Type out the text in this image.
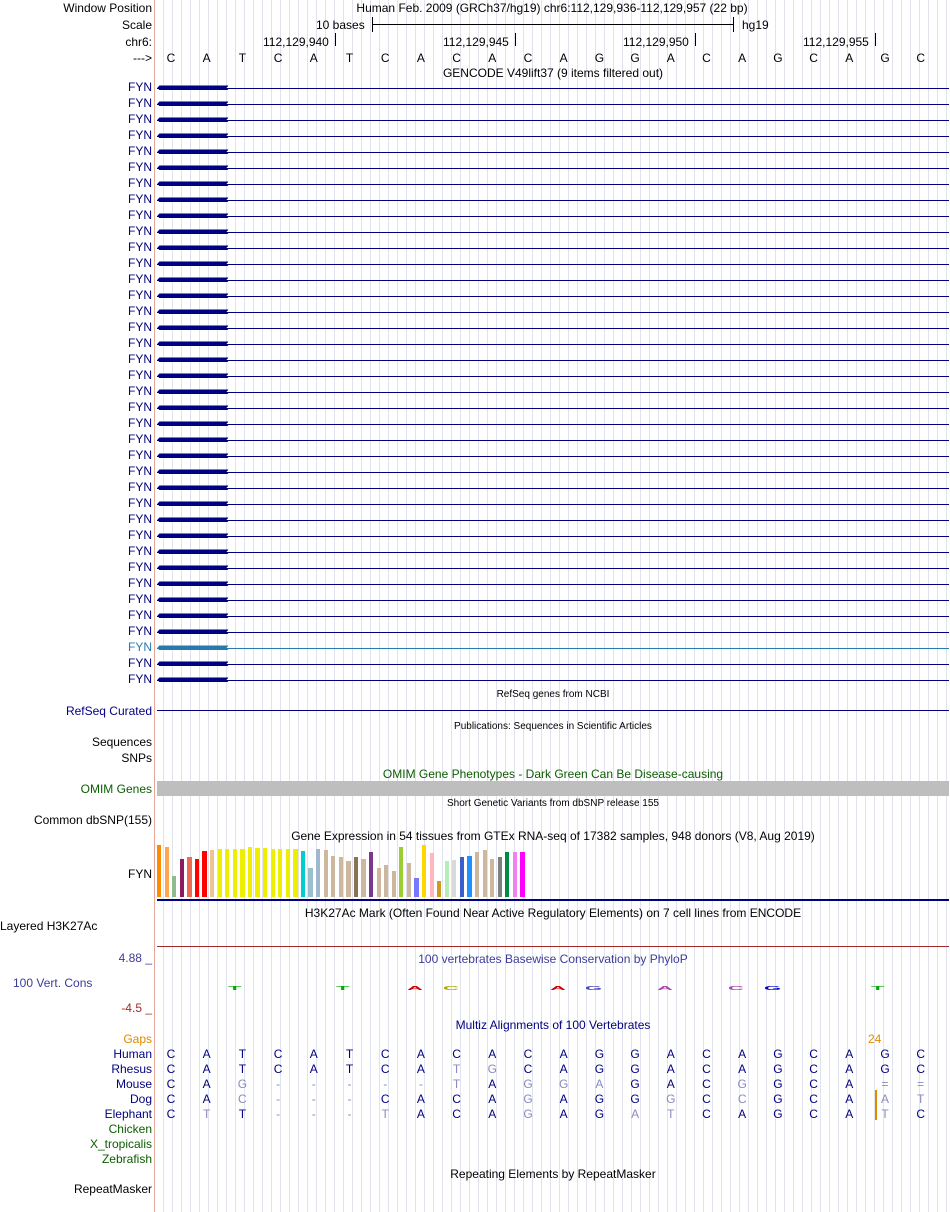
Window Position	Human Feb. 2009 (GRCh37/hg19) chr6:112,129,936-112,129,957 (22 bp)
Scale	10 bases	hg19
chr6:	112,129,940	112,129,945	112,129,950	112,129,955
--->	C	A	T	C	A	T	C	A	C	A	C	A	G	G	A	C	A	G	C	A	G	C
GENCODE V49lift37 (9 items filtered out)
FYN ‹‹‹‹‹‹‹‹‹‹‹‹‹‹‹‹‹‹‹‹‹‹‹‹‹‹‹‹‹‹‹‹‹‹‹‹‹‹‹‹‹‹‹‹‹‹‹‹‹‹‹‹‹‹‹‹‹‹‹‹‹‹‹‹‹‹‹‹‹‹‹‹‹‹‹‹‹‹‹‹‹‹‹‹‹‹‹‹‹‹‹‹‹‹‹‹‹‹‹‹‹‹‹‹‹‹‹‹‹‹‹‹‹‹‹‹‹‹‹‹‹‹‹‹‹‹‹‹‹‹‹‹‹‹‹‹‹‹‹‹‹‹‹‹‹‹‹‹‹‹‹‹‹‹‹‹‹‹‹‹‹‹‹‹‹‹‹‹‹‹‹‹‹‹‹‹‹‹‹‹‹‹‹‹‹‹‹‹‹‹‹‹‹‹‹‹‹‹‹‹‹‹‹‹‹‹‹‹‹‹‹‹‹‹‹‹‹‹‹‹‹‹‹‹‹‹‹‹‹‹‹‹‹‹‹‹‹‹‹‹‹‹‹‹‹‹‹‹‹‹‹‹‹‹‹‹‹‹‹‹
FYN ‹‹‹‹‹‹‹‹‹‹‹‹‹‹‹‹‹‹‹‹‹‹‹‹‹‹‹‹‹‹‹‹‹‹‹‹‹‹‹‹‹‹‹‹‹‹‹‹‹‹‹‹‹‹‹‹‹‹‹‹‹‹‹‹‹‹‹‹‹‹‹‹‹‹‹‹‹‹‹‹‹‹‹‹‹‹‹‹‹‹‹‹‹‹‹‹‹‹‹‹‹‹‹‹‹‹‹‹‹‹‹‹‹‹‹‹‹‹‹‹‹‹‹‹‹‹‹‹‹‹‹‹‹‹‹‹‹‹‹‹‹‹‹‹‹‹‹‹‹‹‹‹‹‹‹‹‹‹‹‹‹‹‹‹‹‹‹‹‹‹‹‹‹‹‹‹‹‹‹‹‹‹‹‹‹‹‹‹‹‹‹‹‹‹‹‹‹‹‹‹‹‹‹‹‹‹‹‹‹‹‹‹‹‹‹‹‹‹‹‹‹‹‹‹‹‹‹‹‹‹‹‹‹‹‹‹‹‹‹‹‹‹‹‹‹‹‹‹‹‹‹‹‹‹‹‹‹‹‹‹
FYN ‹‹‹‹‹‹‹‹‹‹‹‹‹‹‹‹‹‹‹‹‹‹‹‹‹‹‹‹‹‹‹‹‹‹‹‹‹‹‹‹‹‹‹‹‹‹‹‹‹‹‹‹‹‹‹‹‹‹‹‹‹‹‹‹‹‹‹‹‹‹‹‹‹‹‹‹‹‹‹‹‹‹‹‹‹‹‹‹‹‹‹‹‹‹‹‹‹‹‹‹‹‹‹‹‹‹‹‹‹‹‹‹‹‹‹‹‹‹‹‹‹‹‹‹‹‹‹‹‹‹‹‹‹‹‹‹‹‹‹‹‹‹‹‹‹‹‹‹‹‹‹‹‹‹‹‹‹‹‹‹‹‹‹‹‹‹‹‹‹‹‹‹‹‹‹‹‹‹‹‹‹‹‹‹‹‹‹‹‹‹‹‹‹‹‹‹‹‹‹‹‹‹‹‹‹‹‹‹‹‹‹‹‹‹‹‹‹‹‹‹‹‹‹‹‹‹‹‹‹‹‹‹‹‹‹‹‹‹‹‹‹‹‹‹‹‹‹‹‹‹‹‹‹‹‹‹‹‹‹‹
FYN ‹‹‹‹‹‹‹‹‹‹‹‹‹‹‹‹‹‹‹‹‹‹‹‹‹‹‹‹‹‹‹‹‹‹‹‹‹‹‹‹‹‹‹‹‹‹‹‹‹‹‹‹‹‹‹‹‹‹‹‹‹‹‹‹‹‹‹‹‹‹‹‹‹‹‹‹‹‹‹‹‹‹‹‹‹‹‹‹‹‹‹‹‹‹‹‹‹‹‹‹‹‹‹‹‹‹‹‹‹‹‹‹‹‹‹‹‹‹‹‹‹‹‹‹‹‹‹‹‹‹‹‹‹‹‹‹‹‹‹‹‹‹‹‹‹‹‹‹‹‹‹‹‹‹‹‹‹‹‹‹‹‹‹‹‹‹‹‹‹‹‹‹‹‹‹‹‹‹‹‹‹‹‹‹‹‹‹‹‹‹‹‹‹‹‹‹‹‹‹‹‹‹‹‹‹‹‹‹‹‹‹‹‹‹‹‹‹‹‹‹‹‹‹‹‹‹‹‹‹‹‹‹‹‹‹‹‹‹‹‹‹‹‹‹‹‹‹‹‹‹‹‹‹‹‹‹‹‹‹‹
FYN ‹‹‹‹‹‹‹‹‹‹‹‹‹‹‹‹‹‹‹‹‹‹‹‹‹‹‹‹‹‹‹‹‹‹‹‹‹‹‹‹‹‹‹‹‹‹‹‹‹‹‹‹‹‹‹‹‹‹‹‹‹‹‹‹‹‹‹‹‹‹‹‹‹‹‹‹‹‹‹‹‹‹‹‹‹‹‹‹‹‹‹‹‹‹‹‹‹‹‹‹‹‹‹‹‹‹‹‹‹‹‹‹‹‹‹‹‹‹‹‹‹‹‹‹‹‹‹‹‹‹‹‹‹‹‹‹‹‹‹‹‹‹‹‹‹‹‹‹‹‹‹‹‹‹‹‹‹‹‹‹‹‹‹‹‹‹‹‹‹‹‹‹‹‹‹‹‹‹‹‹‹‹‹‹‹‹‹‹‹‹‹‹‹‹‹‹‹‹‹‹‹‹‹‹‹‹‹‹‹‹‹‹‹‹‹‹‹‹‹‹‹‹‹‹‹‹‹‹‹‹‹‹‹‹‹‹‹‹‹‹‹‹‹‹‹‹‹‹‹‹‹‹‹‹‹‹‹‹‹‹
FYN ‹‹‹‹‹‹‹‹‹‹‹‹‹‹‹‹‹‹‹‹‹‹‹‹‹‹‹‹‹‹‹‹‹‹‹‹‹‹‹‹‹‹‹‹‹‹‹‹‹‹‹‹‹‹‹‹‹‹‹‹‹‹‹‹‹‹‹‹‹‹‹‹‹‹‹‹‹‹‹‹‹‹‹‹‹‹‹‹‹‹‹‹‹‹‹‹‹‹‹‹‹‹‹‹‹‹‹‹‹‹‹‹‹‹‹‹‹‹‹‹‹‹‹‹‹‹‹‹‹‹‹‹‹‹‹‹‹‹‹‹‹‹‹‹‹‹‹‹‹‹‹‹‹‹‹‹‹‹‹‹‹‹‹‹‹‹‹‹‹‹‹‹‹‹‹‹‹‹‹‹‹‹‹‹‹‹‹‹‹‹‹‹‹‹‹‹‹‹‹‹‹‹‹‹‹‹‹‹‹‹‹‹‹‹‹‹‹‹‹‹‹‹‹‹‹‹‹‹‹‹‹‹‹‹‹‹‹‹‹‹‹‹‹‹‹‹‹‹‹‹‹‹‹‹‹‹‹‹‹‹
FYN ‹‹‹‹‹‹‹‹‹‹‹‹‹‹‹‹‹‹‹‹‹‹‹‹‹‹‹‹‹‹‹‹‹‹‹‹‹‹‹‹‹‹‹‹‹‹‹‹‹‹‹‹‹‹‹‹‹‹‹‹‹‹‹‹‹‹‹‹‹‹‹‹‹‹‹‹‹‹‹‹‹‹‹‹‹‹‹‹‹‹‹‹‹‹‹‹‹‹‹‹‹‹‹‹‹‹‹‹‹‹‹‹‹‹‹‹‹‹‹‹‹‹‹‹‹‹‹‹‹‹‹‹‹‹‹‹‹‹‹‹‹‹‹‹‹‹‹‹‹‹‹‹‹‹‹‹‹‹‹‹‹‹‹‹‹‹‹‹‹‹‹‹‹‹‹‹‹‹‹‹‹‹‹‹‹‹‹‹‹‹‹‹‹‹‹‹‹‹‹‹‹‹‹‹‹‹‹‹‹‹‹‹‹‹‹‹‹‹‹‹‹‹‹‹‹‹‹‹‹‹‹‹‹‹‹‹‹‹‹‹‹‹‹‹‹‹‹‹‹‹‹‹‹‹‹‹‹‹‹‹
FYN ‹‹‹‹‹‹‹‹‹‹‹‹‹‹‹‹‹‹‹‹‹‹‹‹‹‹‹‹‹‹‹‹‹‹‹‹‹‹‹‹‹‹‹‹‹‹‹‹‹‹‹‹‹‹‹‹‹‹‹‹‹‹‹‹‹‹‹‹‹‹‹‹‹‹‹‹‹‹‹‹‹‹‹‹‹‹‹‹‹‹‹‹‹‹‹‹‹‹‹‹‹‹‹‹‹‹‹‹‹‹‹‹‹‹‹‹‹‹‹‹‹‹‹‹‹‹‹‹‹‹‹‹‹‹‹‹‹‹‹‹‹‹‹‹‹‹‹‹‹‹‹‹‹‹‹‹‹‹‹‹‹‹‹‹‹‹‹‹‹‹‹‹‹‹‹‹‹‹‹‹‹‹‹‹‹‹‹‹‹‹‹‹‹‹‹‹‹‹‹‹‹‹‹‹‹‹‹‹‹‹‹‹‹‹‹‹‹‹‹‹‹‹‹‹‹‹‹‹‹‹‹‹‹‹‹‹‹‹‹‹‹‹‹‹‹‹‹‹‹‹‹‹‹‹‹‹‹‹‹‹
FYN ‹‹‹‹‹‹‹‹‹‹‹‹‹‹‹‹‹‹‹‹‹‹‹‹‹‹‹‹‹‹‹‹‹‹‹‹‹‹‹‹‹‹‹‹‹‹‹‹‹‹‹‹‹‹‹‹‹‹‹‹‹‹‹‹‹‹‹‹‹‹‹‹‹‹‹‹‹‹‹‹‹‹‹‹‹‹‹‹‹‹‹‹‹‹‹‹‹‹‹‹‹‹‹‹‹‹‹‹‹‹‹‹‹‹‹‹‹‹‹‹‹‹‹‹‹‹‹‹‹‹‹‹‹‹‹‹‹‹‹‹‹‹‹‹‹‹‹‹‹‹‹‹‹‹‹‹‹‹‹‹‹‹‹‹‹‹‹‹‹‹‹‹‹‹‹‹‹‹‹‹‹‹‹‹‹‹‹‹‹‹‹‹‹‹‹‹‹‹‹‹‹‹‹‹‹‹‹‹‹‹‹‹‹‹‹‹‹‹‹‹‹‹‹‹‹‹‹‹‹‹‹‹‹‹‹‹‹‹‹‹‹‹‹‹‹‹‹‹‹‹‹‹‹‹‹‹‹‹‹‹
FYN ‹‹‹‹‹‹‹‹‹‹‹‹‹‹‹‹‹‹‹‹‹‹‹‹‹‹‹‹‹‹‹‹‹‹‹‹‹‹‹‹‹‹‹‹‹‹‹‹‹‹‹‹‹‹‹‹‹‹‹‹‹‹‹‹‹‹‹‹‹‹‹‹‹‹‹‹‹‹‹‹‹‹‹‹‹‹‹‹‹‹‹‹‹‹‹‹‹‹‹‹‹‹‹‹‹‹‹‹‹‹‹‹‹‹‹‹‹‹‹‹‹‹‹‹‹‹‹‹‹‹‹‹‹‹‹‹‹‹‹‹‹‹‹‹‹‹‹‹‹‹‹‹‹‹‹‹‹‹‹‹‹‹‹‹‹‹‹‹‹‹‹‹‹‹‹‹‹‹‹‹‹‹‹‹‹‹‹‹‹‹‹‹‹‹‹‹‹‹‹‹‹‹‹‹‹‹‹‹‹‹‹‹‹‹‹‹‹‹‹‹‹‹‹‹‹‹‹‹‹‹‹‹‹‹‹‹‹‹‹‹‹‹‹‹‹‹‹‹‹‹‹‹‹‹‹‹‹‹‹‹
FYN ‹‹‹‹‹‹‹‹‹‹‹‹‹‹‹‹‹‹‹‹‹‹‹‹‹‹‹‹‹‹‹‹‹‹‹‹‹‹‹‹‹‹‹‹‹‹‹‹‹‹‹‹‹‹‹‹‹‹‹‹‹‹‹‹‹‹‹‹‹‹‹‹‹‹‹‹‹‹‹‹‹‹‹‹‹‹‹‹‹‹‹‹‹‹‹‹‹‹‹‹‹‹‹‹‹‹‹‹‹‹‹‹‹‹‹‹‹‹‹‹‹‹‹‹‹‹‹‹‹‹‹‹‹‹‹‹‹‹‹‹‹‹‹‹‹‹‹‹‹‹‹‹‹‹‹‹‹‹‹‹‹‹‹‹‹‹‹‹‹‹‹‹‹‹‹‹‹‹‹‹‹‹‹‹‹‹‹‹‹‹‹‹‹‹‹‹‹‹‹‹‹‹‹‹‹‹‹‹‹‹‹‹‹‹‹‹‹‹‹‹‹‹‹‹‹‹‹‹‹‹‹‹‹‹‹‹‹‹‹‹‹‹‹‹‹‹‹‹‹‹‹‹‹‹‹‹‹‹‹‹
FYN ‹‹‹‹‹‹‹‹‹‹‹‹‹‹‹‹‹‹‹‹‹‹‹‹‹‹‹‹‹‹‹‹‹‹‹‹‹‹‹‹‹‹‹‹‹‹‹‹‹‹‹‹‹‹‹‹‹‹‹‹‹‹‹‹‹‹‹‹‹‹‹‹‹‹‹‹‹‹‹‹‹‹‹‹‹‹‹‹‹‹‹‹‹‹‹‹‹‹‹‹‹‹‹‹‹‹‹‹‹‹‹‹‹‹‹‹‹‹‹‹‹‹‹‹‹‹‹‹‹‹‹‹‹‹‹‹‹‹‹‹‹‹‹‹‹‹‹‹‹‹‹‹‹‹‹‹‹‹‹‹‹‹‹‹‹‹‹‹‹‹‹‹‹‹‹‹‹‹‹‹‹‹‹‹‹‹‹‹‹‹‹‹‹‹‹‹‹‹‹‹‹‹‹‹‹‹‹‹‹‹‹‹‹‹‹‹‹‹‹‹‹‹‹‹‹‹‹‹‹‹‹‹‹‹‹‹‹‹‹‹‹‹‹‹‹‹‹‹‹‹‹‹‹‹‹‹‹‹‹‹
FYN ‹‹‹‹‹‹‹‹‹‹‹‹‹‹‹‹‹‹‹‹‹‹‹‹‹‹‹‹‹‹‹‹‹‹‹‹‹‹‹‹‹‹‹‹‹‹‹‹‹‹‹‹‹‹‹‹‹‹‹‹‹‹‹‹‹‹‹‹‹‹‹‹‹‹‹‹‹‹‹‹‹‹‹‹‹‹‹‹‹‹‹‹‹‹‹‹‹‹‹‹‹‹‹‹‹‹‹‹‹‹‹‹‹‹‹‹‹‹‹‹‹‹‹‹‹‹‹‹‹‹‹‹‹‹‹‹‹‹‹‹‹‹‹‹‹‹‹‹‹‹‹‹‹‹‹‹‹‹‹‹‹‹‹‹‹‹‹‹‹‹‹‹‹‹‹‹‹‹‹‹‹‹‹‹‹‹‹‹‹‹‹‹‹‹‹‹‹‹‹‹‹‹‹‹‹‹‹‹‹‹‹‹‹‹‹‹‹‹‹‹‹‹‹‹‹‹‹‹‹‹‹‹‹‹‹‹‹‹‹‹‹‹‹‹‹‹‹‹‹‹‹‹‹‹‹‹‹‹‹‹
FYN ‹‹‹‹‹‹‹‹‹‹‹‹‹‹‹‹‹‹‹‹‹‹‹‹‹‹‹‹‹‹‹‹‹‹‹‹‹‹‹‹‹‹‹‹‹‹‹‹‹‹‹‹‹‹‹‹‹‹‹‹‹‹‹‹‹‹‹‹‹‹‹‹‹‹‹‹‹‹‹‹‹‹‹‹‹‹‹‹‹‹‹‹‹‹‹‹‹‹‹‹‹‹‹‹‹‹‹‹‹‹‹‹‹‹‹‹‹‹‹‹‹‹‹‹‹‹‹‹‹‹‹‹‹‹‹‹‹‹‹‹‹‹‹‹‹‹‹‹‹‹‹‹‹‹‹‹‹‹‹‹‹‹‹‹‹‹‹‹‹‹‹‹‹‹‹‹‹‹‹‹‹‹‹‹‹‹‹‹‹‹‹‹‹‹‹‹‹‹‹‹‹‹‹‹‹‹‹‹‹‹‹‹‹‹‹‹‹‹‹‹‹‹‹‹‹‹‹‹‹‹‹‹‹‹‹‹‹‹‹‹‹‹‹‹‹‹‹‹‹‹‹‹‹‹‹‹‹‹‹‹
FYN ‹‹‹‹‹‹‹‹‹‹‹‹‹‹‹‹‹‹‹‹‹‹‹‹‹‹‹‹‹‹‹‹‹‹‹‹‹‹‹‹‹‹‹‹‹‹‹‹‹‹‹‹‹‹‹‹‹‹‹‹‹‹‹‹‹‹‹‹‹‹‹‹‹‹‹‹‹‹‹‹‹‹‹‹‹‹‹‹‹‹‹‹‹‹‹‹‹‹‹‹‹‹‹‹‹‹‹‹‹‹‹‹‹‹‹‹‹‹‹‹‹‹‹‹‹‹‹‹‹‹‹‹‹‹‹‹‹‹‹‹‹‹‹‹‹‹‹‹‹‹‹‹‹‹‹‹‹‹‹‹‹‹‹‹‹‹‹‹‹‹‹‹‹‹‹‹‹‹‹‹‹‹‹‹‹‹‹‹‹‹‹‹‹‹‹‹‹‹‹‹‹‹‹‹‹‹‹‹‹‹‹‹‹‹‹‹‹‹‹‹‹‹‹‹‹‹‹‹‹‹‹‹‹‹‹‹‹‹‹‹‹‹‹‹‹‹‹‹‹‹‹‹‹‹‹‹‹‹‹‹
FYN ‹‹‹‹‹‹‹‹‹‹‹‹‹‹‹‹‹‹‹‹‹‹‹‹‹‹‹‹‹‹‹‹‹‹‹‹‹‹‹‹‹‹‹‹‹‹‹‹‹‹‹‹‹‹‹‹‹‹‹‹‹‹‹‹‹‹‹‹‹‹‹‹‹‹‹‹‹‹‹‹‹‹‹‹‹‹‹‹‹‹‹‹‹‹‹‹‹‹‹‹‹‹‹‹‹‹‹‹‹‹‹‹‹‹‹‹‹‹‹‹‹‹‹‹‹‹‹‹‹‹‹‹‹‹‹‹‹‹‹‹‹‹‹‹‹‹‹‹‹‹‹‹‹‹‹‹‹‹‹‹‹‹‹‹‹‹‹‹‹‹‹‹‹‹‹‹‹‹‹‹‹‹‹‹‹‹‹‹‹‹‹‹‹‹‹‹‹‹‹‹‹‹‹‹‹‹‹‹‹‹‹‹‹‹‹‹‹‹‹‹‹‹‹‹‹‹‹‹‹‹‹‹‹‹‹‹‹‹‹‹‹‹‹‹‹‹‹‹‹‹‹‹‹‹‹‹‹‹‹‹
FYN ‹‹‹‹‹‹‹‹‹‹‹‹‹‹‹‹‹‹‹‹‹‹‹‹‹‹‹‹‹‹‹‹‹‹‹‹‹‹‹‹‹‹‹‹‹‹‹‹‹‹‹‹‹‹‹‹‹‹‹‹‹‹‹‹‹‹‹‹‹‹‹‹‹‹‹‹‹‹‹‹‹‹‹‹‹‹‹‹‹‹‹‹‹‹‹‹‹‹‹‹‹‹‹‹‹‹‹‹‹‹‹‹‹‹‹‹‹‹‹‹‹‹‹‹‹‹‹‹‹‹‹‹‹‹‹‹‹‹‹‹‹‹‹‹‹‹‹‹‹‹‹‹‹‹‹‹‹‹‹‹‹‹‹‹‹‹‹‹‹‹‹‹‹‹‹‹‹‹‹‹‹‹‹‹‹‹‹‹‹‹‹‹‹‹‹‹‹‹‹‹‹‹‹‹‹‹‹‹‹‹‹‹‹‹‹‹‹‹‹‹‹‹‹‹‹‹‹‹‹‹‹‹‹‹‹‹‹‹‹‹‹‹‹‹‹‹‹‹‹‹‹‹‹‹‹‹‹‹‹‹
FYN ‹‹‹‹‹‹‹‹‹‹‹‹‹‹‹‹‹‹‹‹‹‹‹‹‹‹‹‹‹‹‹‹‹‹‹‹‹‹‹‹‹‹‹‹‹‹‹‹‹‹‹‹‹‹‹‹‹‹‹‹‹‹‹‹‹‹‹‹‹‹‹‹‹‹‹‹‹‹‹‹‹‹‹‹‹‹‹‹‹‹‹‹‹‹‹‹‹‹‹‹‹‹‹‹‹‹‹‹‹‹‹‹‹‹‹‹‹‹‹‹‹‹‹‹‹‹‹‹‹‹‹‹‹‹‹‹‹‹‹‹‹‹‹‹‹‹‹‹‹‹‹‹‹‹‹‹‹‹‹‹‹‹‹‹‹‹‹‹‹‹‹‹‹‹‹‹‹‹‹‹‹‹‹‹‹‹‹‹‹‹‹‹‹‹‹‹‹‹‹‹‹‹‹‹‹‹‹‹‹‹‹‹‹‹‹‹‹‹‹‹‹‹‹‹‹‹‹‹‹‹‹‹‹‹‹‹‹‹‹‹‹‹‹‹‹‹‹‹‹‹‹‹‹‹‹‹‹‹‹‹
FYN ‹‹‹‹‹‹‹‹‹‹‹‹‹‹‹‹‹‹‹‹‹‹‹‹‹‹‹‹‹‹‹‹‹‹‹‹‹‹‹‹‹‹‹‹‹‹‹‹‹‹‹‹‹‹‹‹‹‹‹‹‹‹‹‹‹‹‹‹‹‹‹‹‹‹‹‹‹‹‹‹‹‹‹‹‹‹‹‹‹‹‹‹‹‹‹‹‹‹‹‹‹‹‹‹‹‹‹‹‹‹‹‹‹‹‹‹‹‹‹‹‹‹‹‹‹‹‹‹‹‹‹‹‹‹‹‹‹‹‹‹‹‹‹‹‹‹‹‹‹‹‹‹‹‹‹‹‹‹‹‹‹‹‹‹‹‹‹‹‹‹‹‹‹‹‹‹‹‹‹‹‹‹‹‹‹‹‹‹‹‹‹‹‹‹‹‹‹‹‹‹‹‹‹‹‹‹‹‹‹‹‹‹‹‹‹‹‹‹‹‹‹‹‹‹‹‹‹‹‹‹‹‹‹‹‹‹‹‹‹‹‹‹‹‹‹‹‹‹‹‹‹‹‹‹‹‹‹‹‹‹
FYN ‹‹‹‹‹‹‹‹‹‹‹‹‹‹‹‹‹‹‹‹‹‹‹‹‹‹‹‹‹‹‹‹‹‹‹‹‹‹‹‹‹‹‹‹‹‹‹‹‹‹‹‹‹‹‹‹‹‹‹‹‹‹‹‹‹‹‹‹‹‹‹‹‹‹‹‹‹‹‹‹‹‹‹‹‹‹‹‹‹‹‹‹‹‹‹‹‹‹‹‹‹‹‹‹‹‹‹‹‹‹‹‹‹‹‹‹‹‹‹‹‹‹‹‹‹‹‹‹‹‹‹‹‹‹‹‹‹‹‹‹‹‹‹‹‹‹‹‹‹‹‹‹‹‹‹‹‹‹‹‹‹‹‹‹‹‹‹‹‹‹‹‹‹‹‹‹‹‹‹‹‹‹‹‹‹‹‹‹‹‹‹‹‹‹‹‹‹‹‹‹‹‹‹‹‹‹‹‹‹‹‹‹‹‹‹‹‹‹‹‹‹‹‹‹‹‹‹‹‹‹‹‹‹‹‹‹‹‹‹‹‹‹‹‹‹‹‹‹‹‹‹‹‹‹‹‹‹‹‹‹
FYN ‹‹‹‹‹‹‹‹‹‹‹‹‹‹‹‹‹‹‹‹‹‹‹‹‹‹‹‹‹‹‹‹‹‹‹‹‹‹‹‹‹‹‹‹‹‹‹‹‹‹‹‹‹‹‹‹‹‹‹‹‹‹‹‹‹‹‹‹‹‹‹‹‹‹‹‹‹‹‹‹‹‹‹‹‹‹‹‹‹‹‹‹‹‹‹‹‹‹‹‹‹‹‹‹‹‹‹‹‹‹‹‹‹‹‹‹‹‹‹‹‹‹‹‹‹‹‹‹‹‹‹‹‹‹‹‹‹‹‹‹‹‹‹‹‹‹‹‹‹‹‹‹‹‹‹‹‹‹‹‹‹‹‹‹‹‹‹‹‹‹‹‹‹‹‹‹‹‹‹‹‹‹‹‹‹‹‹‹‹‹‹‹‹‹‹‹‹‹‹‹‹‹‹‹‹‹‹‹‹‹‹‹‹‹‹‹‹‹‹‹‹‹‹‹‹‹‹‹‹‹‹‹‹‹‹‹‹‹‹‹‹‹‹‹‹‹‹‹‹‹‹‹‹‹‹‹‹‹‹‹
FYN ‹‹‹‹‹‹‹‹‹‹‹‹‹‹‹‹‹‹‹‹‹‹‹‹‹‹‹‹‹‹‹‹‹‹‹‹‹‹‹‹‹‹‹‹‹‹‹‹‹‹‹‹‹‹‹‹‹‹‹‹‹‹‹‹‹‹‹‹‹‹‹‹‹‹‹‹‹‹‹‹‹‹‹‹‹‹‹‹‹‹‹‹‹‹‹‹‹‹‹‹‹‹‹‹‹‹‹‹‹‹‹‹‹‹‹‹‹‹‹‹‹‹‹‹‹‹‹‹‹‹‹‹‹‹‹‹‹‹‹‹‹‹‹‹‹‹‹‹‹‹‹‹‹‹‹‹‹‹‹‹‹‹‹‹‹‹‹‹‹‹‹‹‹‹‹‹‹‹‹‹‹‹‹‹‹‹‹‹‹‹‹‹‹‹‹‹‹‹‹‹‹‹‹‹‹‹‹‹‹‹‹‹‹‹‹‹‹‹‹‹‹‹‹‹‹‹‹‹‹‹‹‹‹‹‹‹‹‹‹‹‹‹‹‹‹‹‹‹‹‹‹‹‹‹‹‹‹‹‹‹
FYN ‹‹‹‹‹‹‹‹‹‹‹‹‹‹‹‹‹‹‹‹‹‹‹‹‹‹‹‹‹‹‹‹‹‹‹‹‹‹‹‹‹‹‹‹‹‹‹‹‹‹‹‹‹‹‹‹‹‹‹‹‹‹‹‹‹‹‹‹‹‹‹‹‹‹‹‹‹‹‹‹‹‹‹‹‹‹‹‹‹‹‹‹‹‹‹‹‹‹‹‹‹‹‹‹‹‹‹‹‹‹‹‹‹‹‹‹‹‹‹‹‹‹‹‹‹‹‹‹‹‹‹‹‹‹‹‹‹‹‹‹‹‹‹‹‹‹‹‹‹‹‹‹‹‹‹‹‹‹‹‹‹‹‹‹‹‹‹‹‹‹‹‹‹‹‹‹‹‹‹‹‹‹‹‹‹‹‹‹‹‹‹‹‹‹‹‹‹‹‹‹‹‹‹‹‹‹‹‹‹‹‹‹‹‹‹‹‹‹‹‹‹‹‹‹‹‹‹‹‹‹‹‹‹‹‹‹‹‹‹‹‹‹‹‹‹‹‹‹‹‹‹‹‹‹‹‹‹‹‹‹
FYN ‹‹‹‹‹‹‹‹‹‹‹‹‹‹‹‹‹‹‹‹‹‹‹‹‹‹‹‹‹‹‹‹‹‹‹‹‹‹‹‹‹‹‹‹‹‹‹‹‹‹‹‹‹‹‹‹‹‹‹‹‹‹‹‹‹‹‹‹‹‹‹‹‹‹‹‹‹‹‹‹‹‹‹‹‹‹‹‹‹‹‹‹‹‹‹‹‹‹‹‹‹‹‹‹‹‹‹‹‹‹‹‹‹‹‹‹‹‹‹‹‹‹‹‹‹‹‹‹‹‹‹‹‹‹‹‹‹‹‹‹‹‹‹‹‹‹‹‹‹‹‹‹‹‹‹‹‹‹‹‹‹‹‹‹‹‹‹‹‹‹‹‹‹‹‹‹‹‹‹‹‹‹‹‹‹‹‹‹‹‹‹‹‹‹‹‹‹‹‹‹‹‹‹‹‹‹‹‹‹‹‹‹‹‹‹‹‹‹‹‹‹‹‹‹‹‹‹‹‹‹‹‹‹‹‹‹‹‹‹‹‹‹‹‹‹‹‹‹‹‹‹‹‹‹‹‹‹‹‹‹
FYN ‹‹‹‹‹‹‹‹‹‹‹‹‹‹‹‹‹‹‹‹‹‹‹‹‹‹‹‹‹‹‹‹‹‹‹‹‹‹‹‹‹‹‹‹‹‹‹‹‹‹‹‹‹‹‹‹‹‹‹‹‹‹‹‹‹‹‹‹‹‹‹‹‹‹‹‹‹‹‹‹‹‹‹‹‹‹‹‹‹‹‹‹‹‹‹‹‹‹‹‹‹‹‹‹‹‹‹‹‹‹‹‹‹‹‹‹‹‹‹‹‹‹‹‹‹‹‹‹‹‹‹‹‹‹‹‹‹‹‹‹‹‹‹‹‹‹‹‹‹‹‹‹‹‹‹‹‹‹‹‹‹‹‹‹‹‹‹‹‹‹‹‹‹‹‹‹‹‹‹‹‹‹‹‹‹‹‹‹‹‹‹‹‹‹‹‹‹‹‹‹‹‹‹‹‹‹‹‹‹‹‹‹‹‹‹‹‹‹‹‹‹‹‹‹‹‹‹‹‹‹‹‹‹‹‹‹‹‹‹‹‹‹‹‹‹‹‹‹‹‹‹‹‹‹‹‹‹‹‹‹
FYN ‹‹‹‹‹‹‹‹‹‹‹‹‹‹‹‹‹‹‹‹‹‹‹‹‹‹‹‹‹‹‹‹‹‹‹‹‹‹‹‹‹‹‹‹‹‹‹‹‹‹‹‹‹‹‹‹‹‹‹‹‹‹‹‹‹‹‹‹‹‹‹‹‹‹‹‹‹‹‹‹‹‹‹‹‹‹‹‹‹‹‹‹‹‹‹‹‹‹‹‹‹‹‹‹‹‹‹‹‹‹‹‹‹‹‹‹‹‹‹‹‹‹‹‹‹‹‹‹‹‹‹‹‹‹‹‹‹‹‹‹‹‹‹‹‹‹‹‹‹‹‹‹‹‹‹‹‹‹‹‹‹‹‹‹‹‹‹‹‹‹‹‹‹‹‹‹‹‹‹‹‹‹‹‹‹‹‹‹‹‹‹‹‹‹‹‹‹‹‹‹‹‹‹‹‹‹‹‹‹‹‹‹‹‹‹‹‹‹‹‹‹‹‹‹‹‹‹‹‹‹‹‹‹‹‹‹‹‹‹‹‹‹‹‹‹‹‹‹‹‹‹‹‹‹‹‹‹‹‹‹
FYN ‹‹‹‹‹‹‹‹‹‹‹‹‹‹‹‹‹‹‹‹‹‹‹‹‹‹‹‹‹‹‹‹‹‹‹‹‹‹‹‹‹‹‹‹‹‹‹‹‹‹‹‹‹‹‹‹‹‹‹‹‹‹‹‹‹‹‹‹‹‹‹‹‹‹‹‹‹‹‹‹‹‹‹‹‹‹‹‹‹‹‹‹‹‹‹‹‹‹‹‹‹‹‹‹‹‹‹‹‹‹‹‹‹‹‹‹‹‹‹‹‹‹‹‹‹‹‹‹‹‹‹‹‹‹‹‹‹‹‹‹‹‹‹‹‹‹‹‹‹‹‹‹‹‹‹‹‹‹‹‹‹‹‹‹‹‹‹‹‹‹‹‹‹‹‹‹‹‹‹‹‹‹‹‹‹‹‹‹‹‹‹‹‹‹‹‹‹‹‹‹‹‹‹‹‹‹‹‹‹‹‹‹‹‹‹‹‹‹‹‹‹‹‹‹‹‹‹‹‹‹‹‹‹‹‹‹‹‹‹‹‹‹‹‹‹‹‹‹‹‹‹‹‹‹‹‹‹‹‹‹
FYN ‹‹‹‹‹‹‹‹‹‹‹‹‹‹‹‹‹‹‹‹‹‹‹‹‹‹‹‹‹‹‹‹‹‹‹‹‹‹‹‹‹‹‹‹‹‹‹‹‹‹‹‹‹‹‹‹‹‹‹‹‹‹‹‹‹‹‹‹‹‹‹‹‹‹‹‹‹‹‹‹‹‹‹‹‹‹‹‹‹‹‹‹‹‹‹‹‹‹‹‹‹‹‹‹‹‹‹‹‹‹‹‹‹‹‹‹‹‹‹‹‹‹‹‹‹‹‹‹‹‹‹‹‹‹‹‹‹‹‹‹‹‹‹‹‹‹‹‹‹‹‹‹‹‹‹‹‹‹‹‹‹‹‹‹‹‹‹‹‹‹‹‹‹‹‹‹‹‹‹‹‹‹‹‹‹‹‹‹‹‹‹‹‹‹‹‹‹‹‹‹‹‹‹‹‹‹‹‹‹‹‹‹‹‹‹‹‹‹‹‹‹‹‹‹‹‹‹‹‹‹‹‹‹‹‹‹‹‹‹‹‹‹‹‹‹‹‹‹‹‹‹‹‹‹‹‹‹‹‹‹
FYN ‹‹‹‹‹‹‹‹‹‹‹‹‹‹‹‹‹‹‹‹‹‹‹‹‹‹‹‹‹‹‹‹‹‹‹‹‹‹‹‹‹‹‹‹‹‹‹‹‹‹‹‹‹‹‹‹‹‹‹‹‹‹‹‹‹‹‹‹‹‹‹‹‹‹‹‹‹‹‹‹‹‹‹‹‹‹‹‹‹‹‹‹‹‹‹‹‹‹‹‹‹‹‹‹‹‹‹‹‹‹‹‹‹‹‹‹‹‹‹‹‹‹‹‹‹‹‹‹‹‹‹‹‹‹‹‹‹‹‹‹‹‹‹‹‹‹‹‹‹‹‹‹‹‹‹‹‹‹‹‹‹‹‹‹‹‹‹‹‹‹‹‹‹‹‹‹‹‹‹‹‹‹‹‹‹‹‹‹‹‹‹‹‹‹‹‹‹‹‹‹‹‹‹‹‹‹‹‹‹‹‹‹‹‹‹‹‹‹‹‹‹‹‹‹‹‹‹‹‹‹‹‹‹‹‹‹‹‹‹‹‹‹‹‹‹‹‹‹‹‹‹‹‹‹‹‹‹‹‹‹
FYN ‹‹‹‹‹‹‹‹‹‹‹‹‹‹‹‹‹‹‹‹‹‹‹‹‹‹‹‹‹‹‹‹‹‹‹‹‹‹‹‹‹‹‹‹‹‹‹‹‹‹‹‹‹‹‹‹‹‹‹‹‹‹‹‹‹‹‹‹‹‹‹‹‹‹‹‹‹‹‹‹‹‹‹‹‹‹‹‹‹‹‹‹‹‹‹‹‹‹‹‹‹‹‹‹‹‹‹‹‹‹‹‹‹‹‹‹‹‹‹‹‹‹‹‹‹‹‹‹‹‹‹‹‹‹‹‹‹‹‹‹‹‹‹‹‹‹‹‹‹‹‹‹‹‹‹‹‹‹‹‹‹‹‹‹‹‹‹‹‹‹‹‹‹‹‹‹‹‹‹‹‹‹‹‹‹‹‹‹‹‹‹‹‹‹‹‹‹‹‹‹‹‹‹‹‹‹‹‹‹‹‹‹‹‹‹‹‹‹‹‹‹‹‹‹‹‹‹‹‹‹‹‹‹‹‹‹‹‹‹‹‹‹‹‹‹‹‹‹‹‹‹‹‹‹‹‹‹‹‹‹
FYN ‹‹‹‹‹‹‹‹‹‹‹‹‹‹‹‹‹‹‹‹‹‹‹‹‹‹‹‹‹‹‹‹‹‹‹‹‹‹‹‹‹‹‹‹‹‹‹‹‹‹‹‹‹‹‹‹‹‹‹‹‹‹‹‹‹‹‹‹‹‹‹‹‹‹‹‹‹‹‹‹‹‹‹‹‹‹‹‹‹‹‹‹‹‹‹‹‹‹‹‹‹‹‹‹‹‹‹‹‹‹‹‹‹‹‹‹‹‹‹‹‹‹‹‹‹‹‹‹‹‹‹‹‹‹‹‹‹‹‹‹‹‹‹‹‹‹‹‹‹‹‹‹‹‹‹‹‹‹‹‹‹‹‹‹‹‹‹‹‹‹‹‹‹‹‹‹‹‹‹‹‹‹‹‹‹‹‹‹‹‹‹‹‹‹‹‹‹‹‹‹‹‹‹‹‹‹‹‹‹‹‹‹‹‹‹‹‹‹‹‹‹‹‹‹‹‹‹‹‹‹‹‹‹‹‹‹‹‹‹‹‹‹‹‹‹‹‹‹‹‹‹‹‹‹‹‹‹‹‹‹
FYN ‹‹‹‹‹‹‹‹‹‹‹‹‹‹‹‹‹‹‹‹‹‹‹‹‹‹‹‹‹‹‹‹‹‹‹‹‹‹‹‹‹‹‹‹‹‹‹‹‹‹‹‹‹‹‹‹‹‹‹‹‹‹‹‹‹‹‹‹‹‹‹‹‹‹‹‹‹‹‹‹‹‹‹‹‹‹‹‹‹‹‹‹‹‹‹‹‹‹‹‹‹‹‹‹‹‹‹‹‹‹‹‹‹‹‹‹‹‹‹‹‹‹‹‹‹‹‹‹‹‹‹‹‹‹‹‹‹‹‹‹‹‹‹‹‹‹‹‹‹‹‹‹‹‹‹‹‹‹‹‹‹‹‹‹‹‹‹‹‹‹‹‹‹‹‹‹‹‹‹‹‹‹‹‹‹‹‹‹‹‹‹‹‹‹‹‹‹‹‹‹‹‹‹‹‹‹‹‹‹‹‹‹‹‹‹‹‹‹‹‹‹‹‹‹‹‹‹‹‹‹‹‹‹‹‹‹‹‹‹‹‹‹‹‹‹‹‹‹‹‹‹‹‹‹‹‹‹‹‹‹
FYN ‹‹‹‹‹‹‹‹‹‹‹‹‹‹‹‹‹‹‹‹‹‹‹‹‹‹‹‹‹‹‹‹‹‹‹‹‹‹‹‹‹‹‹‹‹‹‹‹‹‹‹‹‹‹‹‹‹‹‹‹‹‹‹‹‹‹‹‹‹‹‹‹‹‹‹‹‹‹‹‹‹‹‹‹‹‹‹‹‹‹‹‹‹‹‹‹‹‹‹‹‹‹‹‹‹‹‹‹‹‹‹‹‹‹‹‹‹‹‹‹‹‹‹‹‹‹‹‹‹‹‹‹‹‹‹‹‹‹‹‹‹‹‹‹‹‹‹‹‹‹‹‹‹‹‹‹‹‹‹‹‹‹‹‹‹‹‹‹‹‹‹‹‹‹‹‹‹‹‹‹‹‹‹‹‹‹‹‹‹‹‹‹‹‹‹‹‹‹‹‹‹‹‹‹‹‹‹‹‹‹‹‹‹‹‹‹‹‹‹‹‹‹‹‹‹‹‹‹‹‹‹‹‹‹‹‹‹‹‹‹‹‹‹‹‹‹‹‹‹‹‹‹‹‹‹‹‹‹‹‹
FYN ‹‹‹‹‹‹‹‹‹‹‹‹‹‹‹‹‹‹‹‹‹‹‹‹‹‹‹‹‹‹‹‹‹‹‹‹‹‹‹‹‹‹‹‹‹‹‹‹‹‹‹‹‹‹‹‹‹‹‹‹‹‹‹‹‹‹‹‹‹‹‹‹‹‹‹‹‹‹‹‹‹‹‹‹‹‹‹‹‹‹‹‹‹‹‹‹‹‹‹‹‹‹‹‹‹‹‹‹‹‹‹‹‹‹‹‹‹‹‹‹‹‹‹‹‹‹‹‹‹‹‹‹‹‹‹‹‹‹‹‹‹‹‹‹‹‹‹‹‹‹‹‹‹‹‹‹‹‹‹‹‹‹‹‹‹‹‹‹‹‹‹‹‹‹‹‹‹‹‹‹‹‹‹‹‹‹‹‹‹‹‹‹‹‹‹‹‹‹‹‹‹‹‹‹‹‹‹‹‹‹‹‹‹‹‹‹‹‹‹‹‹‹‹‹‹‹‹‹‹‹‹‹‹‹‹‹‹‹‹‹‹‹‹‹‹‹‹‹‹‹‹‹‹‹‹‹‹‹‹‹
FYN ‹‹‹‹‹‹‹‹‹‹‹‹‹‹‹‹‹‹‹‹‹‹‹‹‹‹‹‹‹‹‹‹‹‹‹‹‹‹‹‹‹‹‹‹‹‹‹‹‹‹‹‹‹‹‹‹‹‹‹‹‹‹‹‹‹‹‹‹‹‹‹‹‹‹‹‹‹‹‹‹‹‹‹‹‹‹‹‹‹‹‹‹‹‹‹‹‹‹‹‹‹‹‹‹‹‹‹‹‹‹‹‹‹‹‹‹‹‹‹‹‹‹‹‹‹‹‹‹‹‹‹‹‹‹‹‹‹‹‹‹‹‹‹‹‹‹‹‹‹‹‹‹‹‹‹‹‹‹‹‹‹‹‹‹‹‹‹‹‹‹‹‹‹‹‹‹‹‹‹‹‹‹‹‹‹‹‹‹‹‹‹‹‹‹‹‹‹‹‹‹‹‹‹‹‹‹‹‹‹‹‹‹‹‹‹‹‹‹‹‹‹‹‹‹‹‹‹‹‹‹‹‹‹‹‹‹‹‹‹‹‹‹‹‹‹‹‹‹‹‹‹‹‹‹‹‹‹‹‹‹
FYN ‹‹‹‹‹‹‹‹‹‹‹‹‹‹‹‹‹‹‹‹‹‹‹‹‹‹‹‹‹‹‹‹‹‹‹‹‹‹‹‹‹‹‹‹‹‹‹‹‹‹‹‹‹‹‹‹‹‹‹‹‹‹‹‹‹‹‹‹‹‹‹‹‹‹‹‹‹‹‹‹‹‹‹‹‹‹‹‹‹‹‹‹‹‹‹‹‹‹‹‹‹‹‹‹‹‹‹‹‹‹‹‹‹‹‹‹‹‹‹‹‹‹‹‹‹‹‹‹‹‹‹‹‹‹‹‹‹‹‹‹‹‹‹‹‹‹‹‹‹‹‹‹‹‹‹‹‹‹‹‹‹‹‹‹‹‹‹‹‹‹‹‹‹‹‹‹‹‹‹‹‹‹‹‹‹‹‹‹‹‹‹‹‹‹‹‹‹‹‹‹‹‹‹‹‹‹‹‹‹‹‹‹‹‹‹‹‹‹‹‹‹‹‹‹‹‹‹‹‹‹‹‹‹‹‹‹‹‹‹‹‹‹‹‹‹‹‹‹‹‹‹‹‹‹‹‹‹‹‹‹
FYN ‹‹‹‹‹‹‹‹‹‹‹‹‹‹‹‹‹‹‹‹‹‹‹‹‹‹‹‹‹‹‹‹‹‹‹‹‹‹‹‹‹‹‹‹‹‹‹‹‹‹‹‹‹‹‹‹‹‹‹‹‹‹‹‹‹‹‹‹‹‹‹‹‹‹‹‹‹‹‹‹‹‹‹‹‹‹‹‹‹‹‹‹‹‹‹‹‹‹‹‹‹‹‹‹‹‹‹‹‹‹‹‹‹‹‹‹‹‹‹‹‹‹‹‹‹‹‹‹‹‹‹‹‹‹‹‹‹‹‹‹‹‹‹‹‹‹‹‹‹‹‹‹‹‹‹‹‹‹‹‹‹‹‹‹‹‹‹‹‹‹‹‹‹‹‹‹‹‹‹‹‹‹‹‹‹‹‹‹‹‹‹‹‹‹‹‹‹‹‹‹‹‹‹‹‹‹‹‹‹‹‹‹‹‹‹‹‹‹‹‹‹‹‹‹‹‹‹‹‹‹‹‹‹‹‹‹‹‹‹‹‹‹‹‹‹‹‹‹‹‹‹‹‹‹‹‹‹‹‹‹
FYN ‹‹‹‹‹‹‹‹‹‹‹‹‹‹‹‹‹‹‹‹‹‹‹‹‹‹‹‹‹‹‹‹‹‹‹‹‹‹‹‹‹‹‹‹‹‹‹‹‹‹‹‹‹‹‹‹‹‹‹‹‹‹‹‹‹‹‹‹‹‹‹‹‹‹‹‹‹‹‹‹‹‹‹‹‹‹‹‹‹‹‹‹‹‹‹‹‹‹‹‹‹‹‹‹‹‹‹‹‹‹‹‹‹‹‹‹‹‹‹‹‹‹‹‹‹‹‹‹‹‹‹‹‹‹‹‹‹‹‹‹‹‹‹‹‹‹‹‹‹‹‹‹‹‹‹‹‹‹‹‹‹‹‹‹‹‹‹‹‹‹‹‹‹‹‹‹‹‹‹‹‹‹‹‹‹‹‹‹‹‹‹‹‹‹‹‹‹‹‹‹‹‹‹‹‹‹‹‹‹‹‹‹‹‹‹‹‹‹‹‹‹‹‹‹‹‹‹‹‹‹‹‹‹‹‹‹‹‹‹‹‹‹‹‹‹‹‹‹‹‹‹‹‹‹‹‹‹‹‹‹
RefSeq genes from NCBI
RefSeq Curated
Publications: Sequences in Scientific Articles
Sequences
SNPs
OMIM Gene Phenotypes - Dark Green Can Be Disease-causing
OMIM Genes
Short Genetic Variants from dbSNP release 155
Common dbSNP(155)
Gene Expression in 54 tissues from GTEx RNA-seq of 17382 samples, 948 donors (V8, Aug 2019)
FYN
H3K27Ac Mark (Often Found Near Active Regulatory Elements) on 7 cell lines from ENCODE
Layered H3K27Ac
100 vertebrates Basewise Conservation by PhyloP
4.88 _
100 Vert. Cons
-4.5 _
T	T	A C	A G	A	C G	T
Multiz Alignments of 100 Vertebrates
Gaps	24
Human	C	A	T	C	A	T	C	A	C	A	C	A	G	G	A	C	A	G	C	A	G	C
Rhesus	C	A	T	C	A	T	C	A	T	G	C	A	G	G	A	C	A	G	C	A	G	C
Mouse	C	A	G	-	-	-	-	-	T	A	G	G	A	G	A	C	G	G	C	A	=	=
Dog	C	A	C	-	-	-	C	A	C	A	G	A	G	G	G	C	C	G	C	A	A	T
Elephant	C	T	T	-	-	-	T	A	C	A	G	A	G	A	T	C	A	G	C	A	T	C
Chicken
X_tropicalis
Zebrafish
Repeating Elements by RepeatMasker
RepeatMasker
